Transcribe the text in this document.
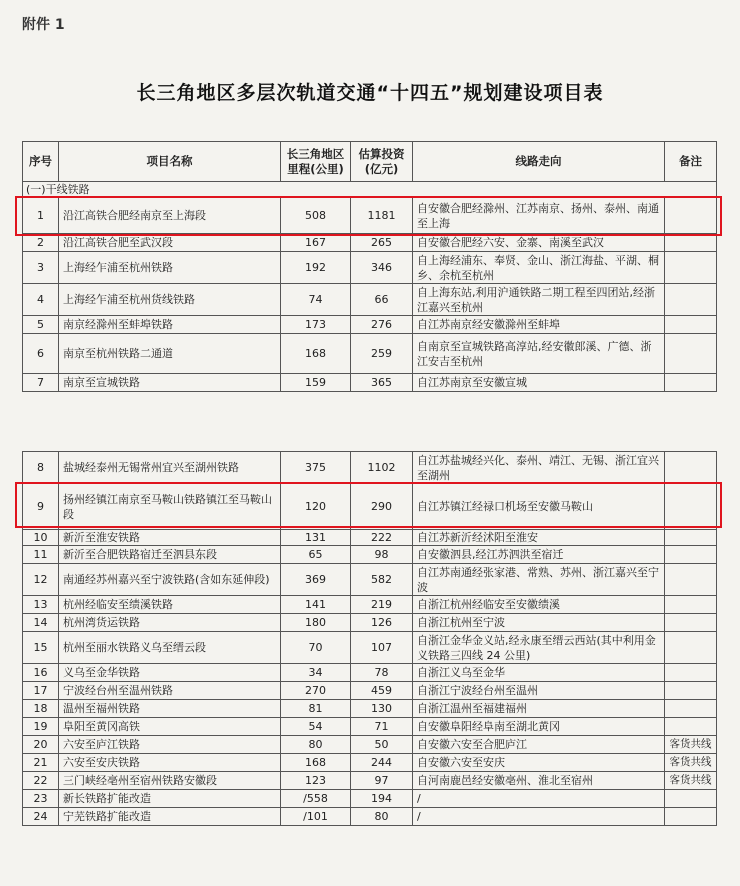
附件 1
长三角地区多层次轨道交通“十四五”规划建设项目表
序号	项目名称	长三角地区里程(公里)	估算投资(亿元)	线路走向	备注
(一)干线铁路					
1	沿江高铁合肥经南京至上海段	508	1181	自安徽合肥经滁州、江苏南京、扬州、泰州、南通至上海	
2	沿江高铁合肥至武汉段	167	265	自安徽合肥经六安、金寨、南溪至武汉	
3	上海经乍浦至杭州铁路	192	346	自上海经浦东、奉贤、金山、浙江海盐、平湖、桐乡、余杭至杭州	
4	上海经乍浦至杭州货线铁路	74	66	自上海东站,利用沪通铁路二期工程至四团站,经浙江嘉兴至杭州	
5	南京经滁州至蚌埠铁路	173	276	自江苏南京经安徽滁州至蚌埠	
6	南京至杭州铁路二通道	168	259	自南京至宣城铁路高淳站,经安徽郎溪、广德、浙江安吉至杭州	
7	南京至宣城铁路	159	365	自江苏南京至安徽宣城	
8	盐城经泰州无锡常州宜兴至湖州铁路	375	1102	自江苏盐城经兴化、泰州、靖江、无锡、浙江宜兴至湖州	
9	扬州经镇江南京至马鞍山铁路镇江至马鞍山段	120	290	自江苏镇江经禄口机场至安徽马鞍山	
10	新沂至淮安铁路	131	222	自江苏新沂经沭阳至淮安	
11	新沂至合肥铁路宿迁至泗县东段	65	98	自安徽泗县,经江苏泗洪至宿迁	
12	南通经苏州嘉兴至宁波铁路(含如东延伸段)	369	582	自江苏南通经张家港、常熟、苏州、浙江嘉兴至宁波	
13	杭州经临安至绩溪铁路	141	219	自浙江杭州经临安至安徽绩溪	
14	杭州湾货运铁路	180	126	自浙江杭州至宁波	
15	杭州至丽水铁路义乌至缙云段	70	107	自浙江金华金义站,经永康至缙云西站(其中利用金义铁路三四线 24 公里)	
16	义乌至金华铁路	34	78	自浙江义乌至金华	
17	宁波经台州至温州铁路	270	459	自浙江宁波经台州至温州	
18	温州至福州铁路	81	130	自浙江温州至福建福州	
19	阜阳至黄冈高铁	54	71	自安徽阜阳经阜南至湖北黄冈	
20	六安至庐江铁路	80	50	自安徽六安至合肥庐江	客货共线
21	六安至安庆铁路	168	244	自安徽六安至安庆	客货共线
22	三门峡经亳州至宿州铁路安徽段	123	97	自河南鹿邑经安徽亳州、淮北至宿州	客货共线
23	新长铁路扩能改造	/558	194	/	
24	宁芜铁路扩能改造	/101	80	/	
